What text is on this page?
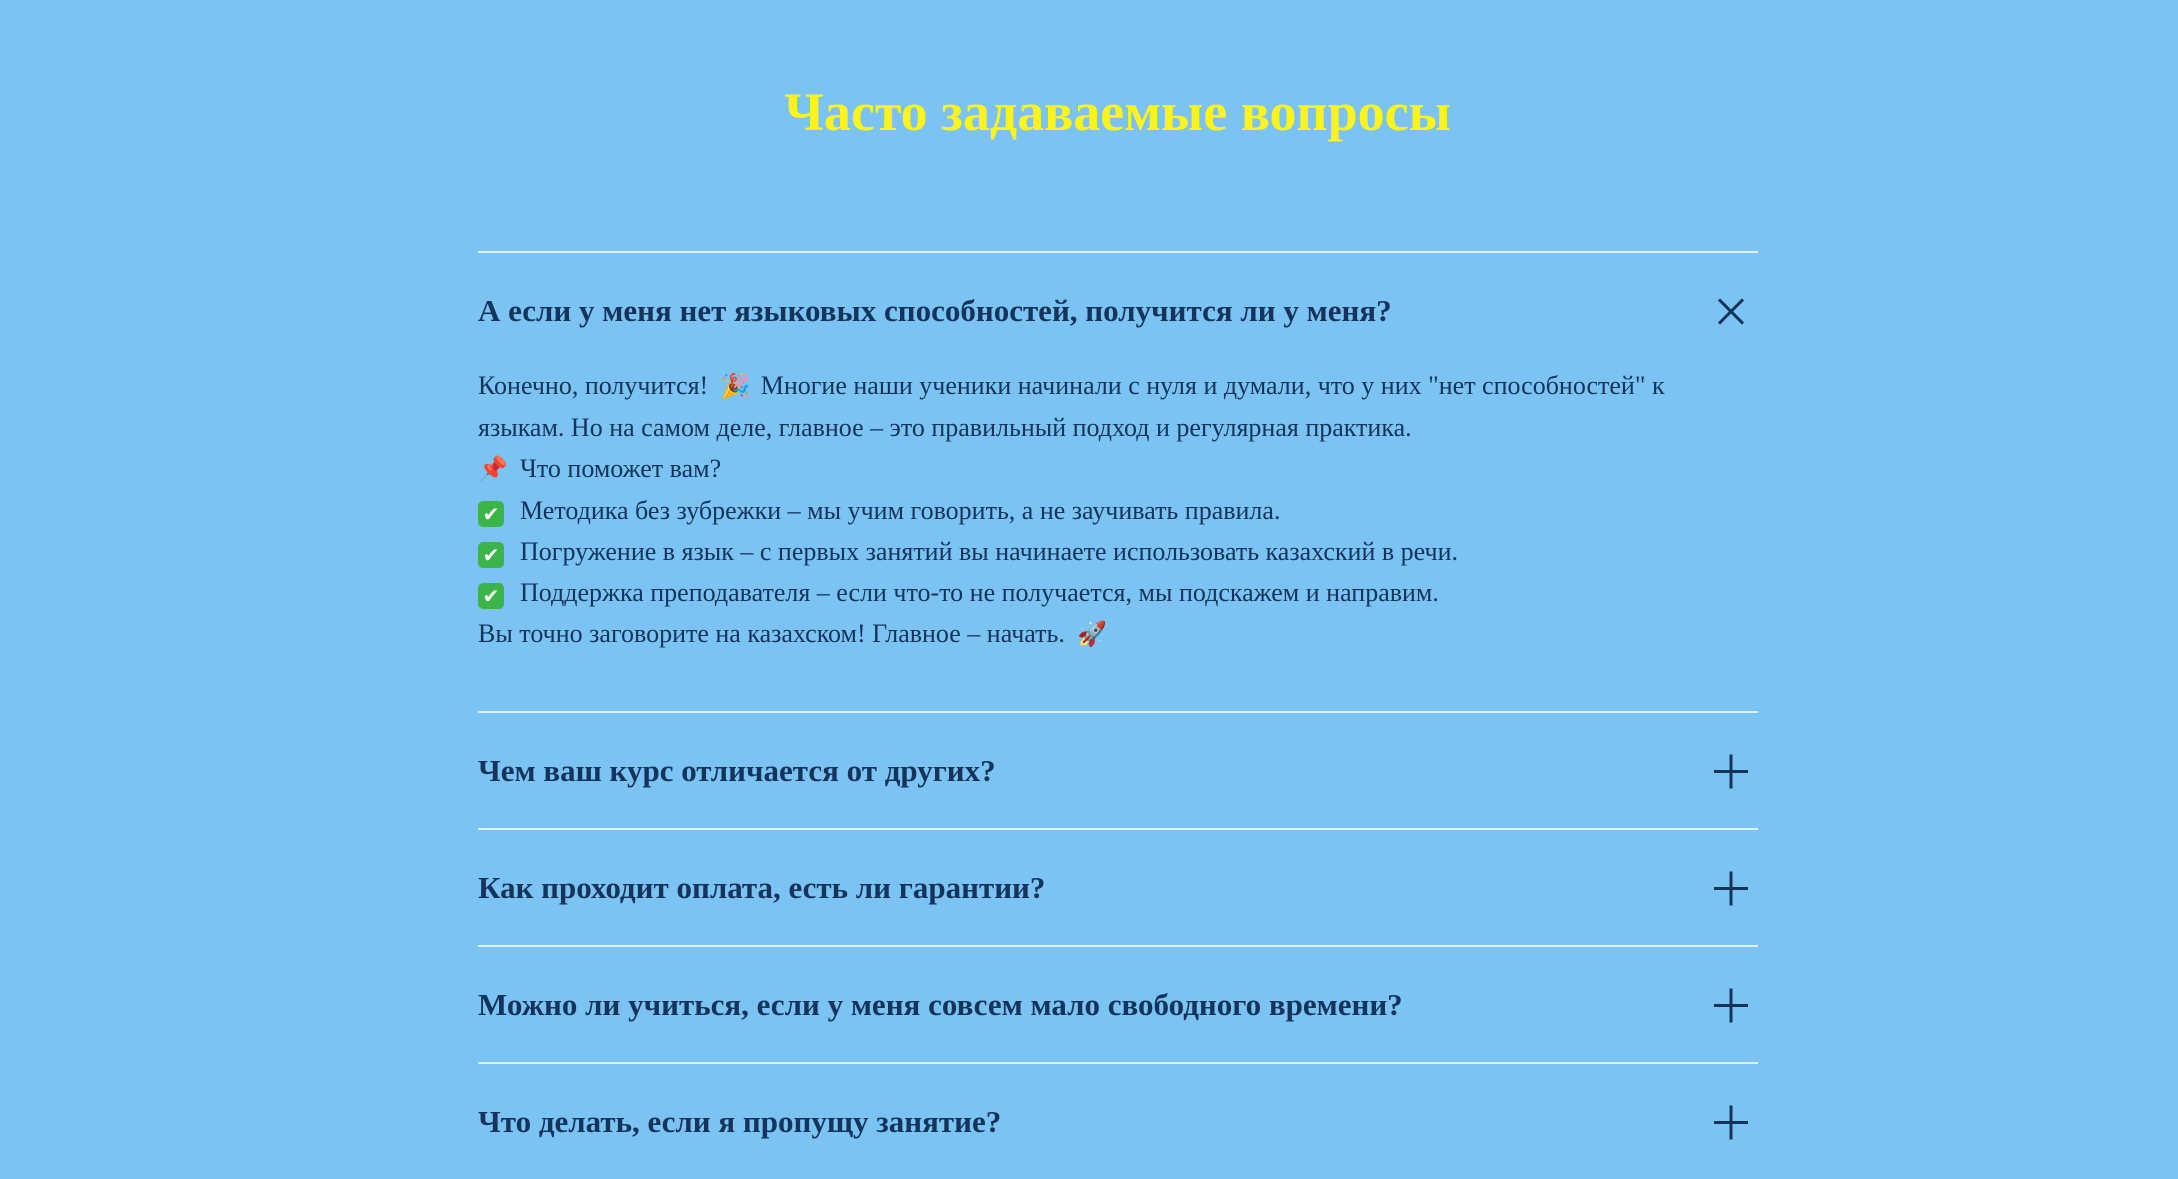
Часто задаваемые вопросы
А если у меня нет языковых способностей, получится ли у меня?

Конечно, получится! 🎉 Многие наши ученики начинали с нуля и думали, что у них "нет способностей" к языкам. Но на самом деле, главное – это правильный подход и регулярная практика.

📌 Что поможет вам?

✔ Методика без зубрежки – мы учим говорить, а не заучивать правила.

✔ Погружение в язык – с первых занятий вы начинаете использовать казахский в речи.

✔ Поддержка преподавателя – если что-то не получается, мы подскажем и направим.

Вы точно заговорите на казахском! Главное – начать. 🚀

Чем ваш курс отличается от других?
Как проходит оплата, есть ли гарантии?
Можно ли учиться, если у меня совсем мало свободного времени?
Что делать, если я пропущу занятие?
